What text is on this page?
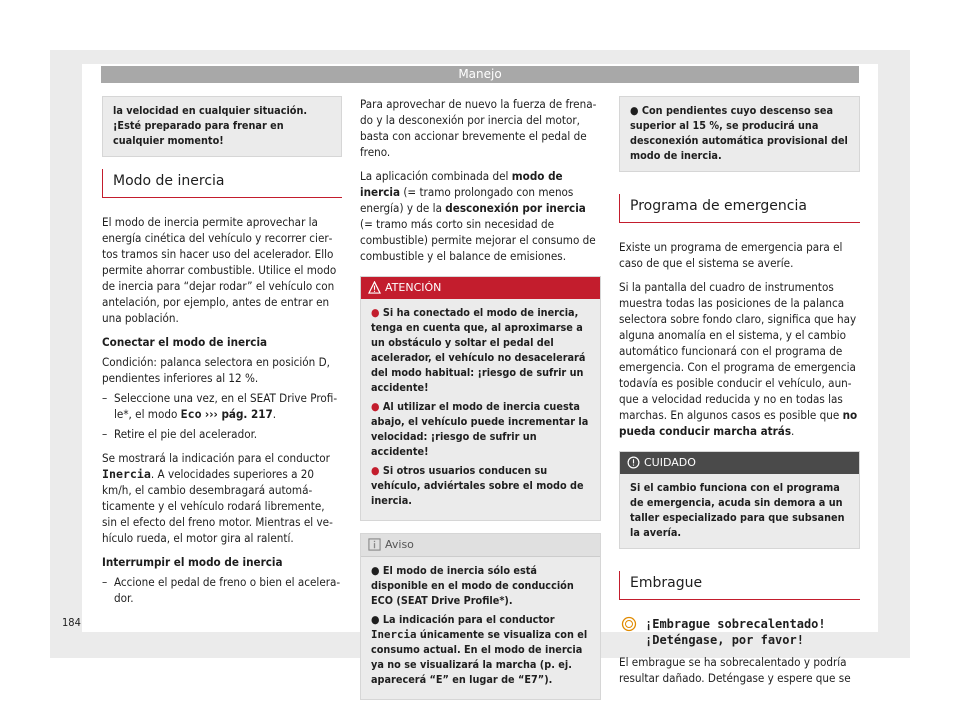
Manejo
la velocidad en cualquier situación. ¡Esté preparado para frenar en cualquier momento!
Modo de inercia

El modo de inercia permite aprovechar la energía cinética del vehículo y recorrer ciertos tramos sin hacer uso del acelerador. Ello permite ahorrar combustible. Utilice el modo de inercia para “dejar rodar” el vehículo con antelación, por ejemplo, antes de entrar en una población.

Conectar el modo de inercia

Condición: palanca selectora en posición D, pendientes inferiores al 12 %.

– Seleccione una vez, en el SEAT Drive Profile*, el modo Eco ››› pág. 217.
– Retire el pie del acelerador.

Se mostrará la indicación para el conductor Inercia. A velocidades superiores a 20 km/h, el cambio desembragará automáticamente y el vehículo rodará libremente, sin el efecto del freno motor. Mientras el vehículo rueda, el motor gira al ralentí.

Interrumpir el modo de inercia

– Accione el pedal de freno o bien el acelerador.

Para aprovechar de nuevo la fuerza de frenado y la desconexión por inercia del motor, basta con accionar brevemente el pedal de freno.

La aplicación combinada del modo de inercia (= tramo prolongado con menos energía) y de la desconexión por inercia (= tramo más corto sin necesidad de combustible) permite mejorar el consumo de combustible y el balance de emisiones.

ATENCIÓN
● Si ha conectado el modo de inercia, tenga en cuenta que, al aproximarse a un obstáculo y soltar el pedal del acelerador, el vehículo no desacelerará del modo habitual: ¡riesgo de sufrir un accidente!
● Al utilizar el modo de inercia cuesta abajo, el vehículo puede incrementar la velocidad: ¡riesgo de sufrir un accidente!
● Si otros usuarios conducen su vehículo, adviértales sobre el modo de inercia.
Aviso
● El modo de inercia sólo está disponible en el modo de conducción ECO (SEAT Drive Profile*).
● La indicación para el conductor Inercia únicamente se visualiza con el consumo actual. En el modo de inercia ya no se visualizará la marcha (p. ej. aparecerá “E” en lugar de “E7”).
● Con pendientes cuyo descenso sea superior al 15 %, se producirá una desconexión automática provisional del modo de inercia.
Programa de emergencia

Existe un programa de emergencia para el caso de que el sistema se averíe.

Si la pantalla del cuadro de instrumentos muestra todas las posiciones de la palanca selectora sobre fondo claro, significa que hay alguna anomalía en el sistema, y el cambio automático funcionará con el programa de emergencia. Con el programa de emergencia todavía es posible conducir el vehículo, aunque a velocidad reducida y no en todas las marchas. En algunos casos es posible que no pueda conducir marcha atrás.

CUIDADO
Si el cambio funciona con el programa de emergencia, acuda sin demora a un taller especializado para que subsanen la avería.
Embrague
¡Embrague sobrecalentado! ¡Deténgase, por favor!

El embrague se ha sobrecalentado y podría resultar dañado. Deténgase y espere que se

184
